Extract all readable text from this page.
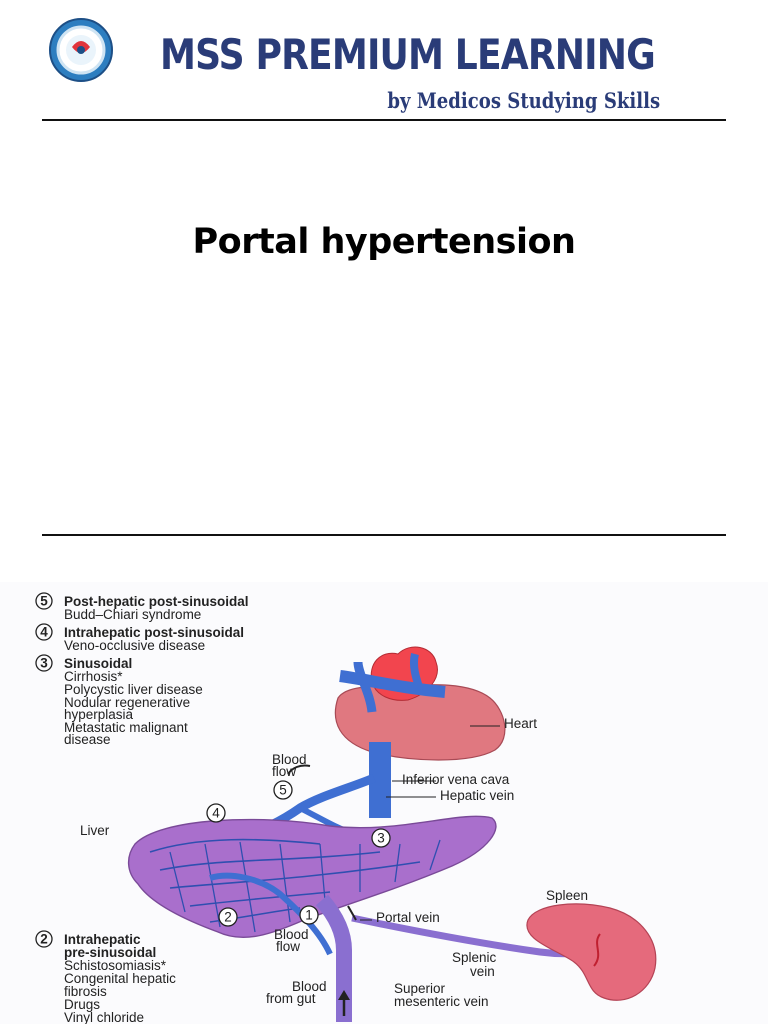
MSS PREMIUM LEARNING
by Medicos Studying Skills
Portal hypertension
5 Post-hepatic post-sinusoidal
Budd–Chiari syndrome
4 Intrahepatic post-sinusoidal
Veno-occlusive disease
3 Sinusoidal
Cirrhosis*
Polycystic liver disease
Nodular regenerative
hyperplasia
Metastatic malignant
disease
2 Intrahepatic
pre-sinusoidal
Schistosomiasis*
Congenital hepatic
fibrosis
Drugs
Vinyl chloride
5
4
3
2	1
Heart
Blood
flow
Inferior vena cava
Hepatic vein
Liver
Spleen
Portal vein
Blood
flow
Splenic
vein
Blood
from gut
Superior
mesenteric vein
